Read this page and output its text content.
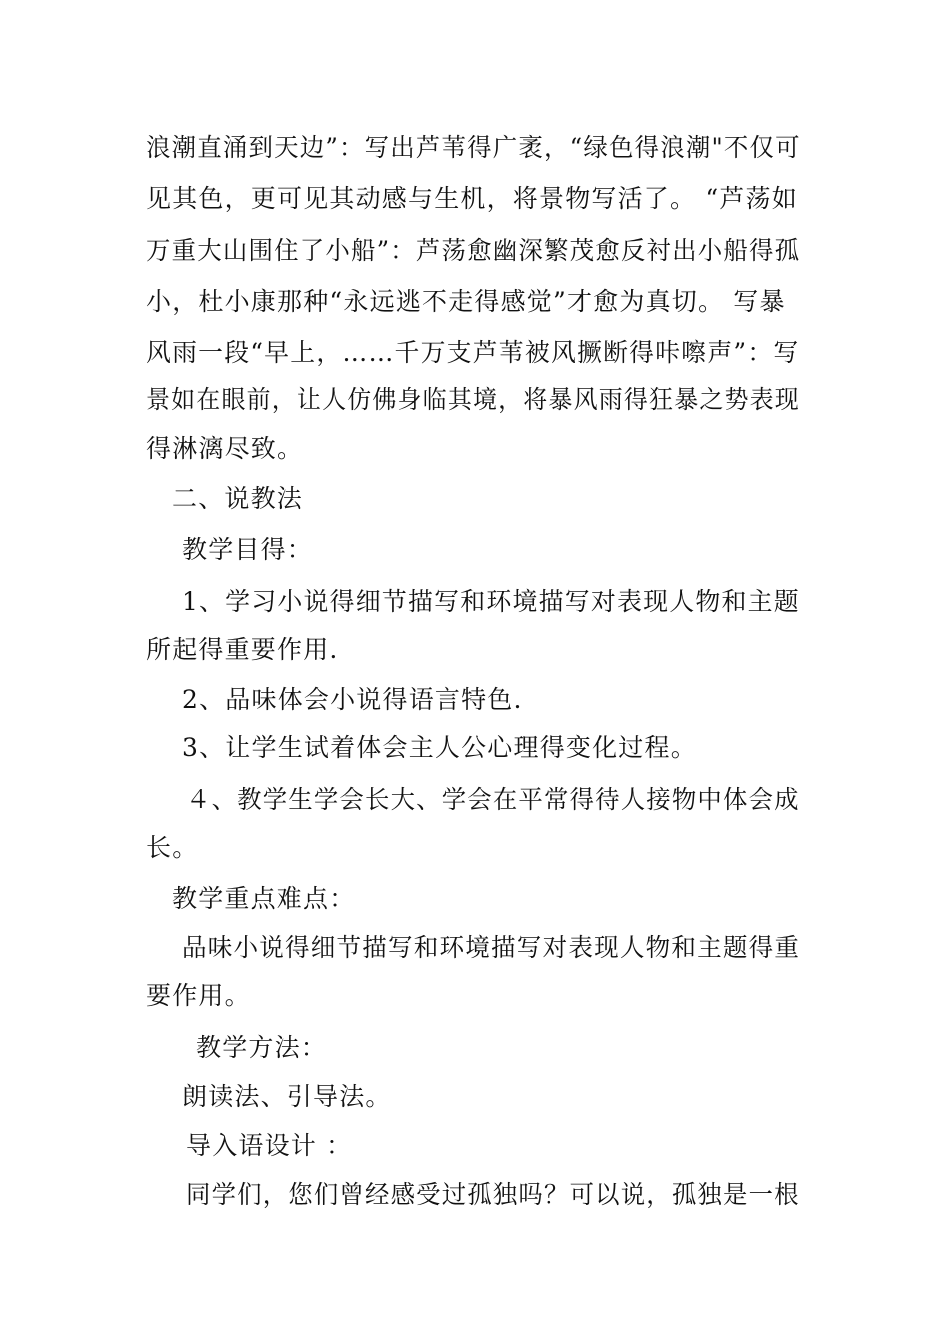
浪潮直涌到天边”：写出芦苇得广袤，“绿色得浪潮"不仅可
见其色，更可见其动感与生机，将景物写活了。 “芦荡如
万重大山围住了小船”：芦荡愈幽深繁茂愈反衬出小船得孤
小，杜小康那种“永远逃不走得感觉”才愈为真切。 写暴
风雨一段“早上，……千万支芦苇被风撅断得咔嚓声”：写
景如在眼前，让人仿佛身临其境，将暴风雨得狂暴之势表现
得淋漓尽致。
二、说教法
教学目得：
1、学习小说得细节描写和环境描写对表现人物和主题
所起得重要作用.
2、品味体会小说得语言特色.
3、让学生试着体会主人公心理得变化过程。
４、教学生学会长大、学会在平常得待人接物中体会成
长。
教学重点难点：
品味小说得细节描写和环境描写对表现人物和主题得重
要作用。
教学方法：
朗读法、引导法。
导入语设计 ：
同学们，您们曾经感受过孤独吗？可以说，孤独是一根
